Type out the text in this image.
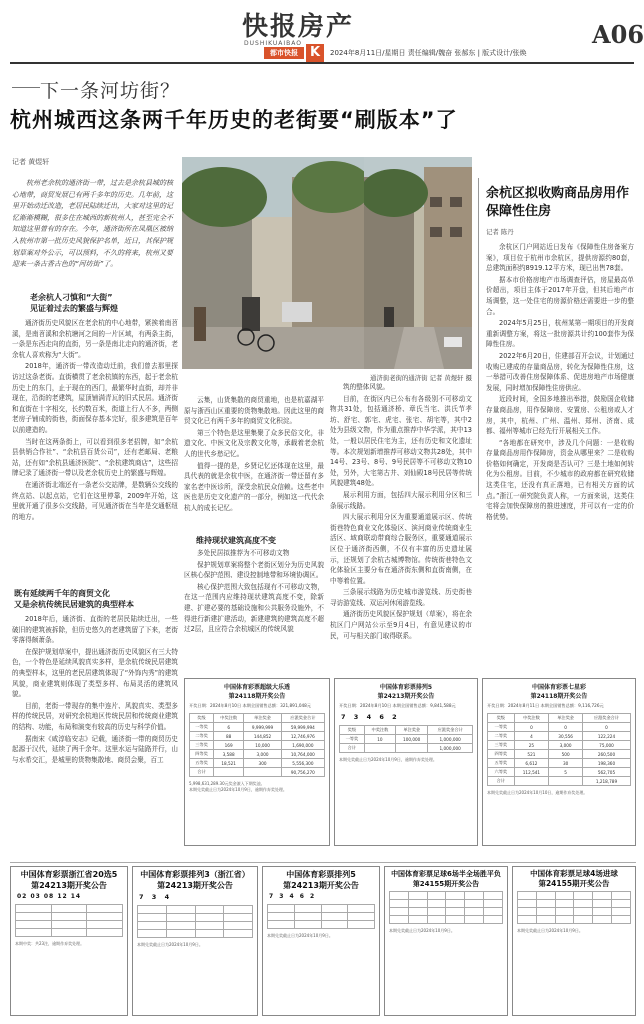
快报房产
DUSHIKUAIBAO
都市快报 K	2024年8月11日/星期日 责任编辑/魏奋 张郝东 | 版式设计/张焕
A06
下一条河坊街？
杭州城西这条两千年历史的老街要“刷版本”了
记者 黄煜轩
杭州老余杭的通济街一带，过去是余杭县城的核心地带，商贸发展已有两千多年的历史。几年前，这里开始动迁改造，老居民陆续迁出，大家对这里的记忆渐渐模糊，很多住在城西的新杭州人，甚至完全不知道这里曾有的存在。今年，通济街所在凤凰区被纳入杭州市第一批历史风貌保护名单，近日，其保护规划草案对外公示，可以预料，不久的将来，杭州又要迎来一条古香古色的“河坊街”了。
通济街老街的通济街 记者 黄煜轩 摄
老余杭人刁慎和“大街”
见证着过去的繁盛与辉煌

通济街历史风貌区在老余杭的中心地带，紧挨着南苕溪，是南苕溪和余杭塘河之间的一片区域，有两条主街，一条是东西走向的直街，另一条是南北走向的通济街，老余杭人喜欢称为“大街”。

2018年，通济街一带改造动迁前，我们曾去那里探访过这条老街。直街横贯了老余杭镇的东西，起于老余杭历史上的东门，止于现在的西门，最繁华时直街，却并非现在，沿街的老建筑，屋顶铺满青瓦的旧式民居。通济街和直街在十字相交，长约数百米，街道上行人不多，两侧老房子铺成的街巷，街面保存基本完好，很多建筑是百年以前建造的。

当时在这两条街上，可以看到很多老招牌，如“余杭县供销合作社”、“余杭县百货公司”，还有老邮局、老粮站，还有如“余杭县通济医院”、“余杭建筑商店”，这些招牌记录了通济街一带以及老余杭历史上的繁盛与辉煌。

在通济街北端还有一条老公交站牌，是数辆公交线的终点站、以起点站，它们在这里停靠，2009年开始，这里就开通了很多公交线路，可见通济街在当年是交通枢纽的地方。

既有延续两千年的商贸文化
又是余杭传统民居建筑的典型样本

2018年后，通济街、直街的老居民陆续迁出，一些破旧的建筑被拆除，但历史悠久的老建筑留了下来，老街零落得颇萧条。

在保护规划草案中，提出通济街历史风貌区有三大特色，一个特色是延续风貌真实多样，是余杭传统民居建筑的典型样本，这里的老民居建筑体现了“外饰内秀”的建筑风貌，商业建筑则体现了类型多样、布局灵活的建筑风貌。

目前，老街一带现存的集中连片、风貌真实、类型多样的传统民居，对研究余杭地区传统民居和传统商业建筑的结构、功能，布局和演变有较高的历史与科学价值。

据南宋《咸淳临安志》记载，通济街一带的商贸历史起源于汉代，延续了两千余年。这里水运与陆路并行，山与水希交汇，是城里的货物集散地、商贸会聚，百工

云集，山货集散的商贸重地，也是杭嘉湖平原与浙西山区重要的货物集散地。因此这里的商贸文化已有两千多年的商贸文化积淀。

第三个特色是这里集聚了众多民俗文化，非遗文化、中医文化及宗教文化等，承载着老余杭人的世代乡愁记忆。

值得一提的是，乡贤记忆还体现在这里，最具代表的就是余杭中医，在通济街一带还留有多家名老中医诊所，深受余杭民众信赖。这些老中医也是历史文化遗产的一部分，例如这一代代余杭人的成长记忆。

维持现状建筑高度不变

多处民居拟推荐为不可移动文物

保护规划草案将整个老街区划分为历史风貌区核心保护范围、建设控制地带和环境协调区。

核心保护范围大致包括现有不可移动文物，在这一范围内应维持现状建筑高度不变，除新建、扩建必要的基础设施和公共服务设施外，不得进行新建扩建活动，新建建筑的建筑高度不超过2层，且应符合余杭城区的传统风貌

筑的整体风貌。

目前，在街区内已公布有各级别不可移动文物共31处，包括通济桥、章氏当宅、洪氏节孝坊、舒宅、郭宅、虎宅、张宅、胡宅等，其中2处为县级文物，作为重点推荐中华学派，其中13处，一般以居民住宅为主，还有历史和文化遗址等。本次规划新增推荐可移动文物共28处，其中14号、23号、8号、9号民居等不可移动文物10处，另外，大宅第古井、刘仙殿18号民居等传统风貌建筑48处。

展示利用方面，包括四大展示利用分区和三条展示线路。

四大展示利用分区为重要通道展示区、传统街巷特色商业文化体验区、滨河商业传统商业生活区、域商联动带商综合服务区，重要通道展示区位于通济街西侧，不仅有丰富的历史遗址展示，还规划了余杭古城博物馆。传统街巷特色文化体验区主要分布在通济街东侧和直街南侧，在中等着位置。

三条展示线路为历史城市游览线、历史街巷寻访游览线、双运河休闲游览线。

通济街历史风貌区保护规划（草案），将在余杭区门户网站公示至9月4日，有意见建议的市民，可与相关部门取得联系。

余杭区拟收购商品房用作保障性住房
记者 陈丹

余杭区门户网站近日发布《保障性住房备案方案》，项目位于杭州市余杭区，提供房源约80套，总建筑面积约8919.12平方米，现已出售78套。

据本市价格房地产市场调查评估，房屋最高单价超出，项目主体于2017年开盘，但其后地产市场调整，这一处住宅的房源价格还需要进一步的整合。

2024年5月25日，杭州某第一期项目的开发商重新调整方案，将这一批房源共计约100套作为保障性住房。

2022年6月20日，住建部召开会议，计划通过收购已建成的存量商品房，转化为保障性住房，这一举措可改善住房保障体系、促进房地产市场健康发展，同时增加保障性住房供应。

近段时间，全国多地推出举措，鼓励国企收储存量商品房，用作保障房、安置房、公租房或人才房，其中，杭州、广州、温州、郑州、济南、成都、福州等城市已经先行开展相关工作。

“各地都在研究中，涉及几个问题：一是收购存量商品房用作保障房，资金从哪里来？二是收购价格如何确定，开发商是否认可？三是土地如何转化为公租房。目前，不少城市的政府都在研究收储这类住宅，还没有真正落地，已有相关方面的试点。”浙江一研究院负责人称，一方面来说，这类住宅将会加快保障房的推进速度，并可以有一定的价格优势。

中国体育彩票超级大乐透
第24118期开奖公告
开奖日期：2024年8月10日 本期全国销售总额：321,891,048元
奖级	中奖注数	单注奖金	应派奖金合计
一等奖	6	9,999,999	59,999,994
二等奖	88	144,852	12,746,976
三等奖	169	10,000	1,690,000
四等奖	3,588	3,000	10,764,000
五等奖	18,521	300	5,556,300
合计			90,756,270
5,998,631,289.30元奖金滚入下期奖池。
本期兑奖截止日为2024年10月9日，逾期作弃奖处理。
中国体育彩票排列5
第24213期开奖公告
开奖日期：2024年8月10日 本期全国销售总额：9,841,588元
7 3 4 6 2
奖级	中奖注数	单注奖金	应派奖金合计
一等奖	10	100,000	1,000,000
合计			1,000,000
本期兑奖截止日为2024年10月9日，逾期作弃奖处理。
中国体育彩票七星彩
第24118期开奖公告
开奖日期：2024年8月11日 本期全国销售总额：9,116,726元
奖级	中奖注数	单注奖金	应派奖金合计
一等奖	0	0	0
二等奖	4	30,556	122,224
三等奖	25	3,000	75,000
四等奖	521	500	260,500
五等奖	6,612	30	198,360
六等奖	112,541	5	562,705
合计			1,218,789
本期兑奖截止日为2024年10月10日，逾期作弃奖处理。
中国体育彩票浙江省20选5
第24213期开奖公告
02 03 08 12 14

本期中奖：共23注，逾期作弃奖处理。
中国体育彩票排列3（浙江省）
第24213期开奖公告
7 3 4

本期兑奖截止日为2024年10月9日。
中国体育彩票排列5
第24213期开奖公告
7 3 4 6 2

本期兑奖截止日为2024年10月9日。
中国体育彩票足球6场半全场胜平负
第24155期开奖公告

本期兑奖截止日为2024年10月9日。
中国体育彩票足球4场进球
第24155期开奖公告

本期兑奖截止日为2024年10月9日。
